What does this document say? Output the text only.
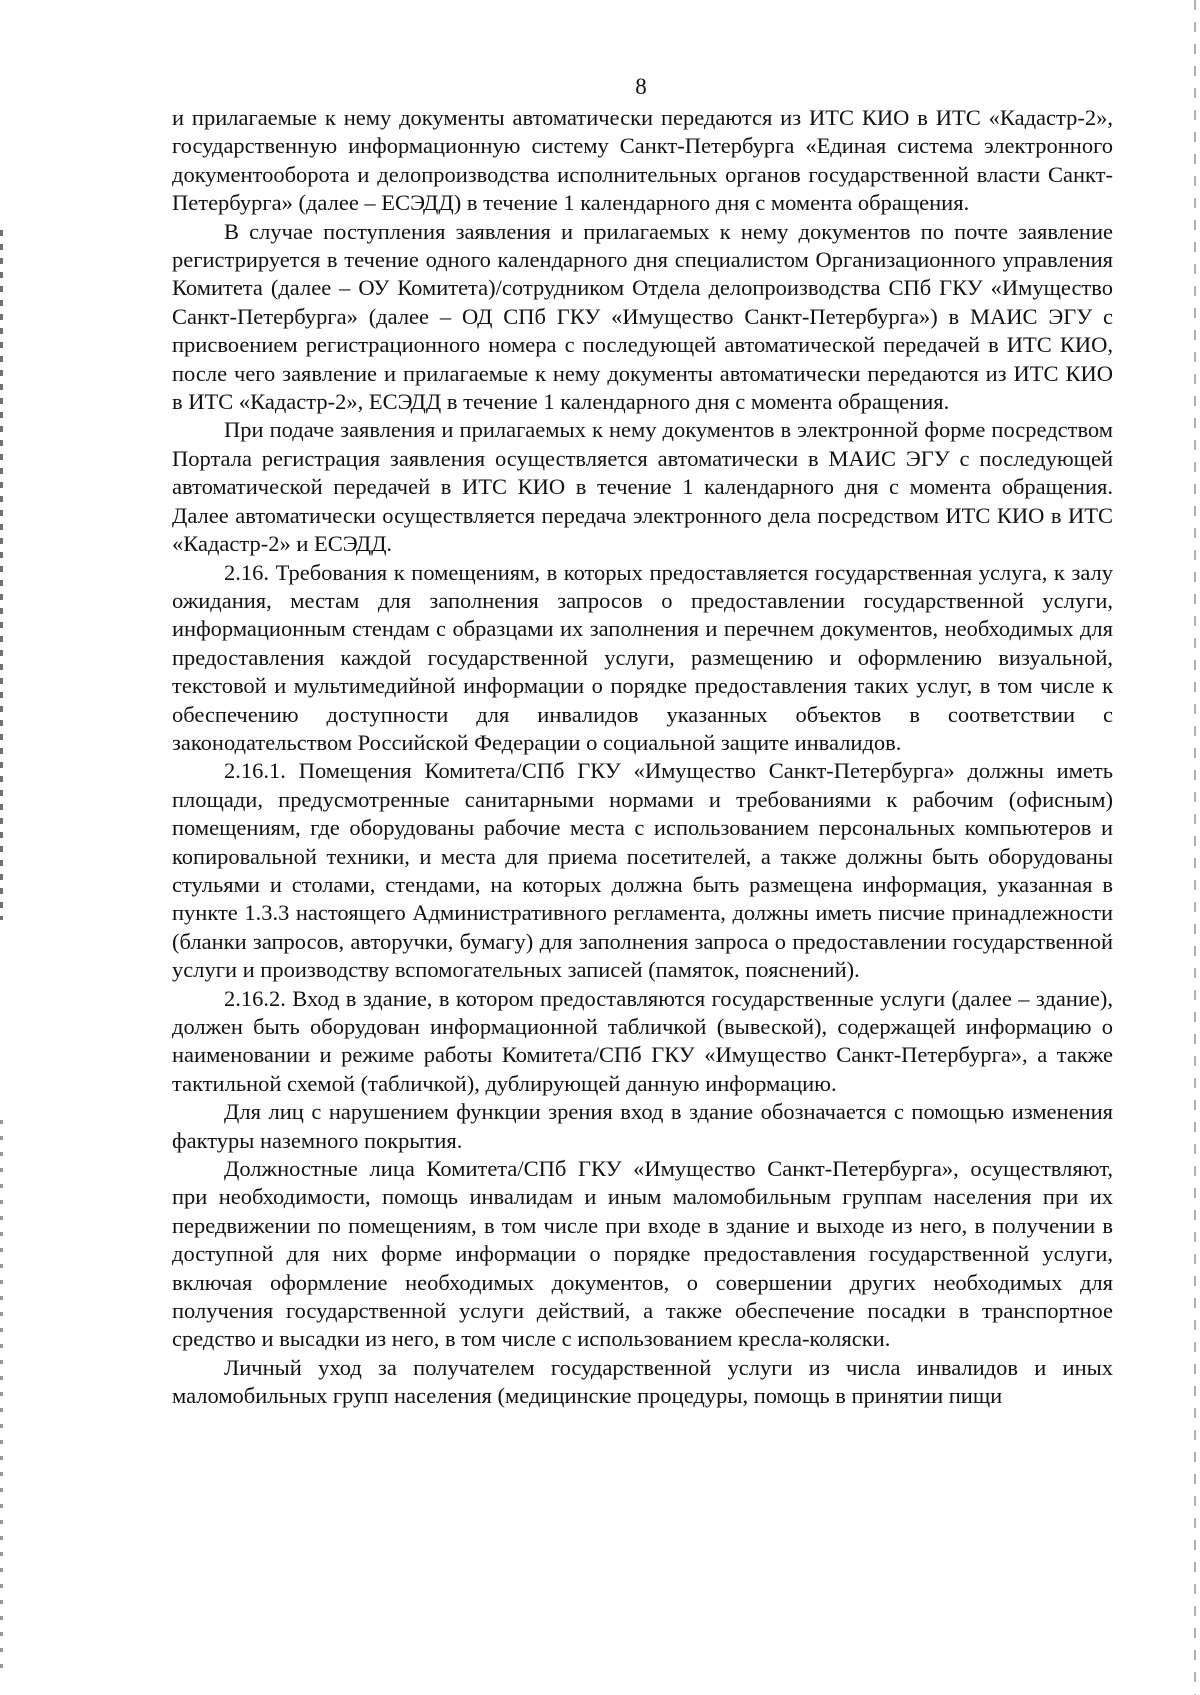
8

и прилагаемые к нему документы автоматически передаются из ИТС КИО в ИТС «Кадастр-2», государственную информационную систему Санкт-Петербурга «Единая система электронного документооборота и делопроизводства исполнительных органов государственной власти Санкт-Петербурга» (далее – ЕСЭДД) в течение 1 календарного дня с момента обращения.

В случае поступления заявления и прилагаемых к нему документов по почте заявление регистрируется в течение одного календарного дня специалистом Организационного управления Комитета (далее – ОУ Комитета)/сотрудником Отдела делопроизводства СПб ГКУ «Имущество Санкт-Петербурга» (далее – ОД СПб ГКУ «Имущество Санкт-Петербурга») в МАИС ЭГУ с присвоением регистрационного номера с последующей автоматической передачей в ИТС КИО, после чего заявление и прилагаемые к нему документы автоматически передаются из ИТС КИО в ИТС «Кадастр-2», ЕСЭДД в течение 1 календарного дня с момента обращения.

При подаче заявления и прилагаемых к нему документов в электронной форме посредством Портала регистрация заявления осуществляется автоматически в МАИС ЭГУ с последующей автоматической передачей в ИТС КИО в течение 1 календарного дня с момента обращения. Далее автоматически осуществляется передача электронного дела посредством ИТС КИО в ИТС «Кадастр-2» и ЕСЭДД.

2.16. Требования к помещениям, в которых предоставляется государственная услуга, к залу ожидания, местам для заполнения запросов о предоставлении государственной услуги, информационным стендам с образцами их заполнения и перечнем документов, необходимых для предоставления каждой государственной услуги, размещению и оформлению визуальной, текстовой и мультимедийной информации о порядке предоставления таких услуг, в том числе к обеспечению доступности для инвалидов указанных объектов в соответствии с законодательством Российской Федерации о социальной защите инвалидов.

2.16.1. Помещения Комитета/СПб ГКУ «Имущество Санкт-Петербурга» должны иметь площади, предусмотренные санитарными нормами и требованиями к рабочим (офисным) помещениям, где оборудованы рабочие места с использованием персональных компьютеров и копировальной техники, и места для приема посетителей, а также должны быть оборудованы стульями и столами, стендами, на которых должна быть размещена информация, указанная в пункте 1.3.3 настоящего Административного регламента, должны иметь писчие принадлежности (бланки запросов, авторучки, бумагу) для заполнения запроса о предоставлении государственной услуги и производству вспомогательных записей (памяток, пояснений).

2.16.2. Вход в здание, в котором предоставляются государственные услуги (далее – здание), должен быть оборудован информационной табличкой (вывеской), содержащей информацию о наименовании и режиме работы Комитета/СПб ГКУ «Имущество Санкт-Петербурга», а также тактильной схемой (табличкой), дублирующей данную информацию.

Для лиц с нарушением функции зрения вход в здание обозначается с помощью изменения фактуры наземного покрытия.

Должностные лица Комитета/СПб ГКУ «Имущество Санкт-Петербурга», осуществляют, при необходимости, помощь инвалидам и иным маломобильным группам населения при их передвижении по помещениям, в том числе при входе в здание и выходе из него, в получении в доступной для них форме информации о порядке предоставления государственной услуги, включая оформление необходимых документов, о совершении других необходимых для получения государственной услуги действий, а также обеспечение посадки в транспортное средство и высадки из него, в том числе с использованием кресла-коляски.

Личный уход за получателем государственной услуги из числа инвалидов и иных маломобильных групп населения (медицинские процедуры, помощь в принятии пищи
